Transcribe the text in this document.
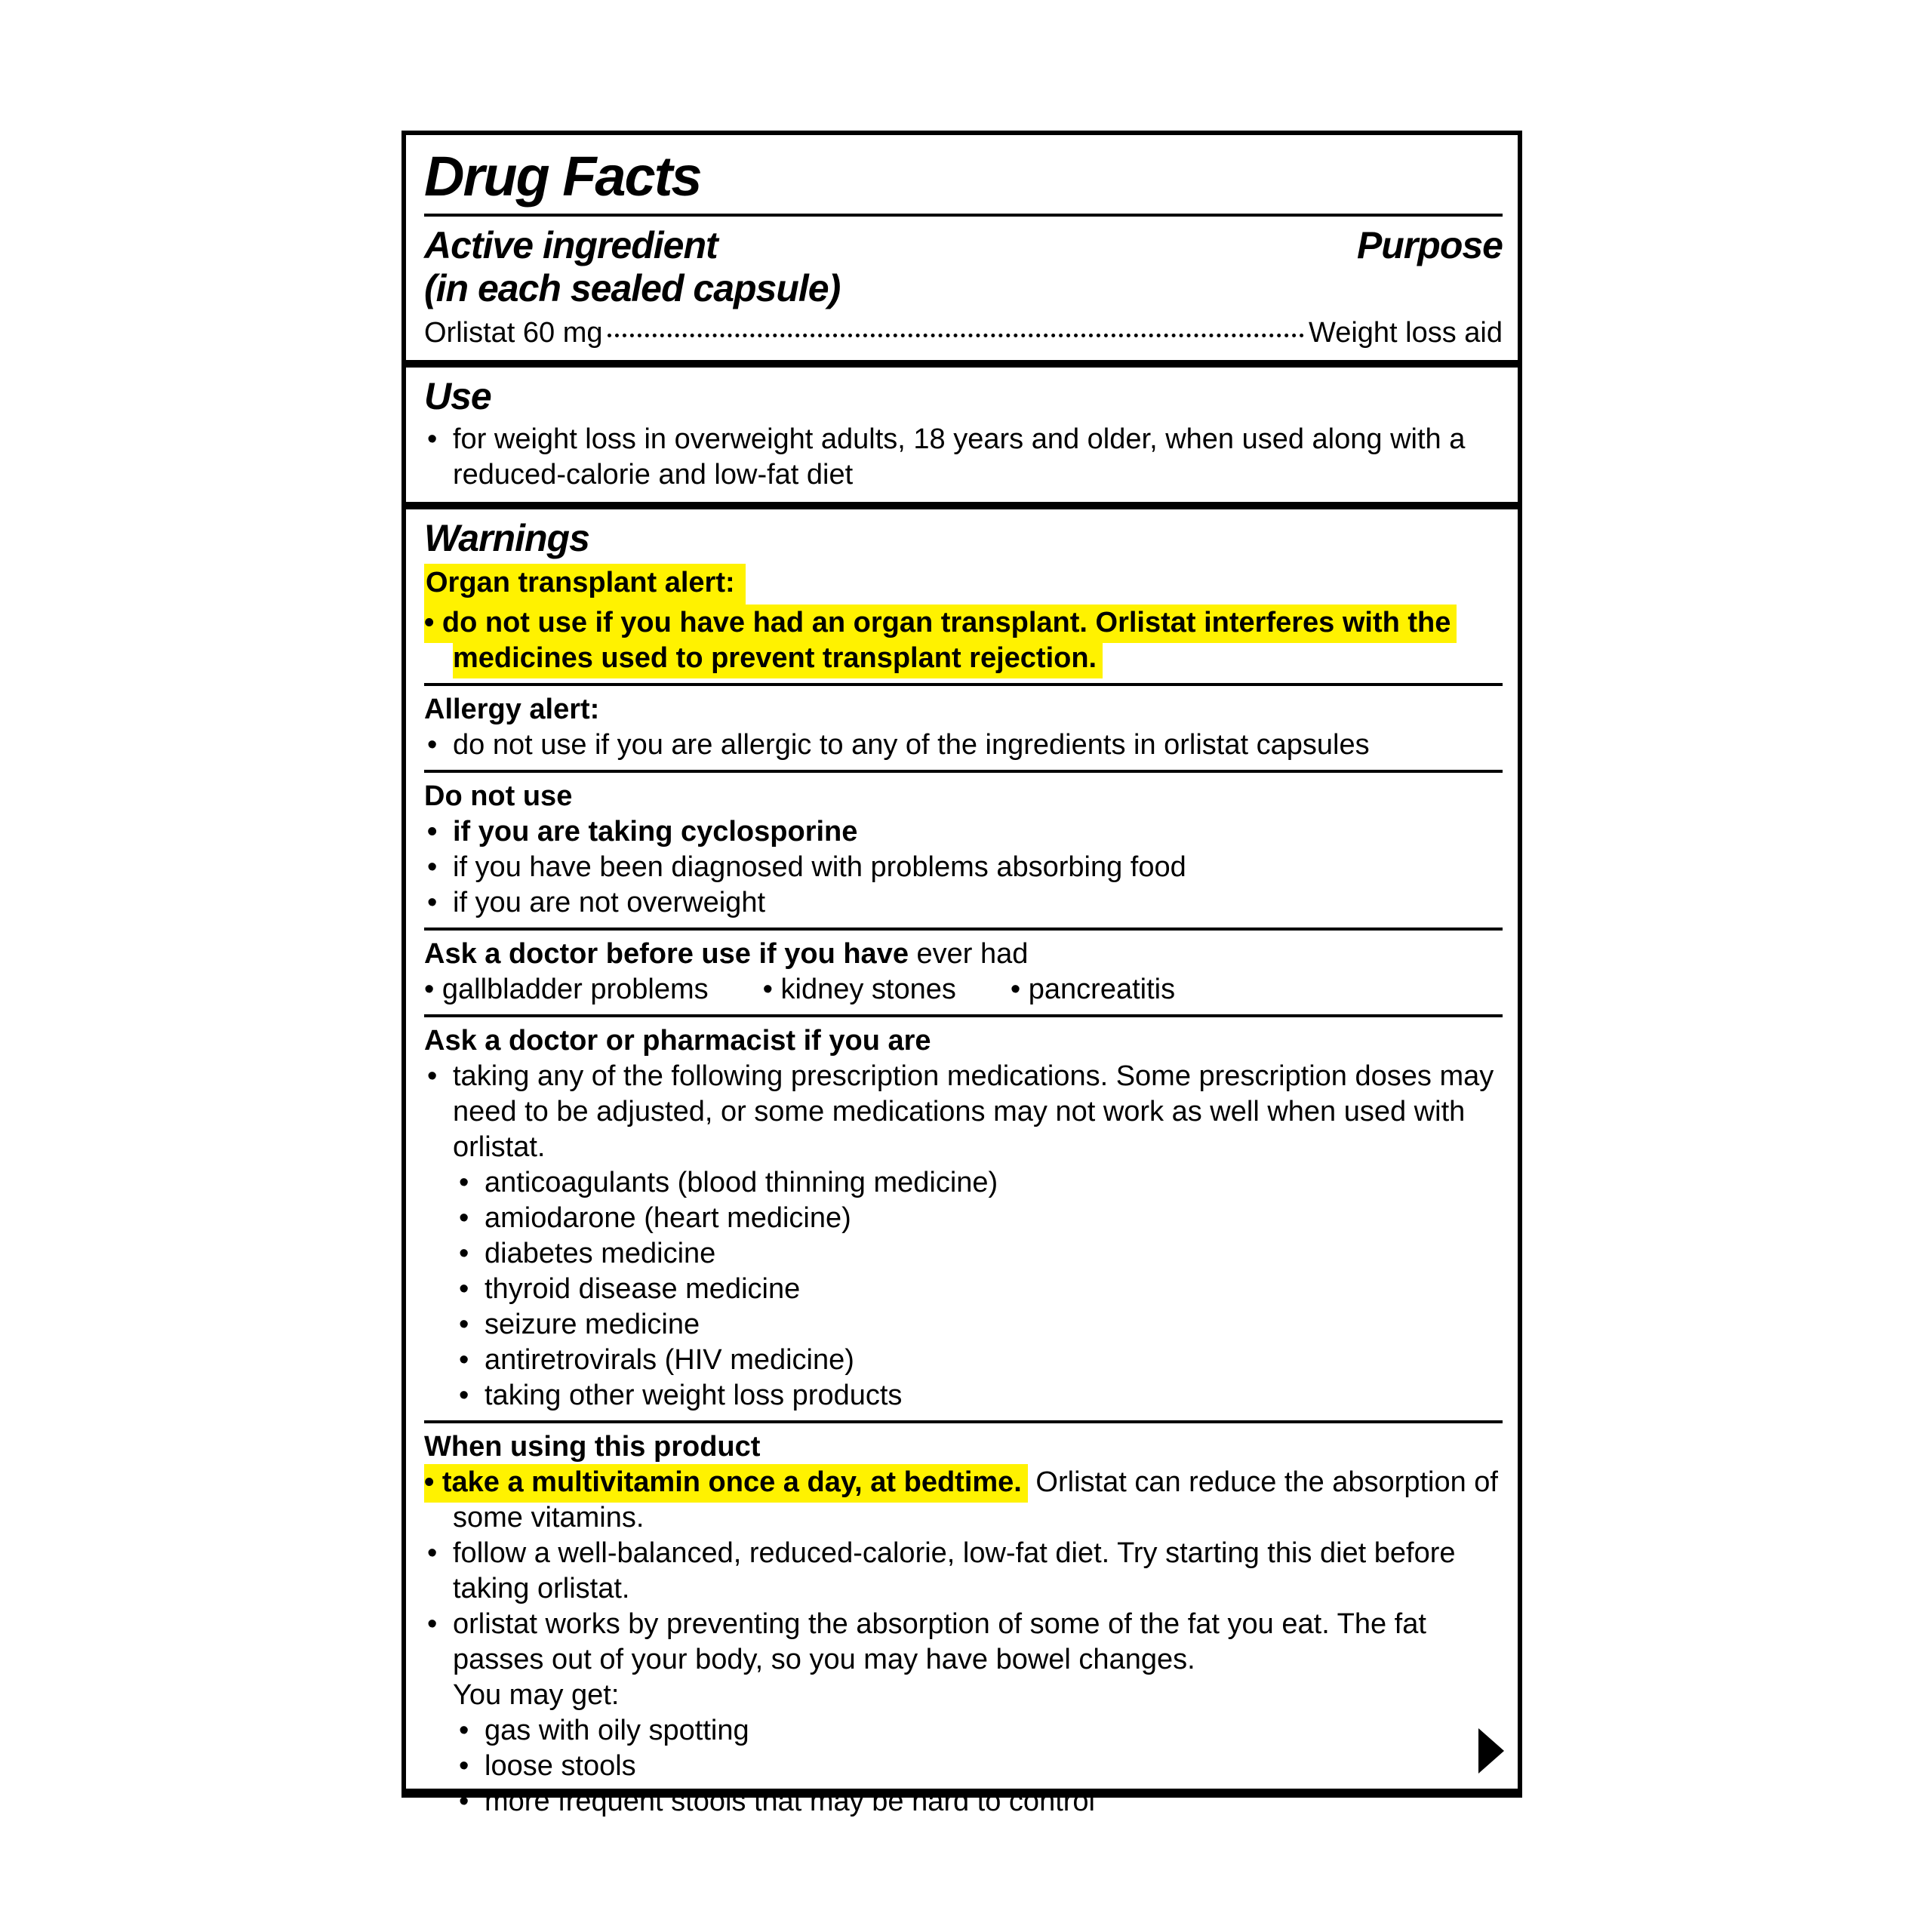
Drug Facts
Active ingredient
(in each sealed capsule)
Purpose
Orlistat 60 mg	Weight loss aid
Use
• for weight loss in overweight adults, 18 years and older, when used along with a reduced-calorie and low-fat diet
Warnings

Organ transplant alert:

• do not use if you have had an organ transplant. Orlistat interferes with the medicines used to prevent transplant rejection.

Allergy alert:

• do not use if you are allergic to any of the ingredients in orlistat capsules

Do not use

• if you are taking cyclosporine
• if you have been diagnosed with problems absorbing food
• if you are not overweight

Ask a doctor before use if you have ever had

• gallbladder problems	• kidney stones	• pancreatitis

Ask a doctor or pharmacist if you are

• taking any of the following prescription medications. Some prescription doses may need to be adjusted, or some medications may not work as well when used with orlistat.
• anticoagulants (blood thinning medicine)
• amiodarone (heart medicine)
• diabetes medicine
• thyroid disease medicine
• seizure medicine
• antiretrovirals (HIV medicine)
• taking other weight loss products

When using this product

• take a multivitamin once a day, at bedtime. Orlistat can reduce the absorption of some vitamins.
• follow a well-balanced, reduced-calorie, low-fat diet. Try starting this diet before taking orlistat.
• orlistat works by preventing the absorption of some of the fat you eat. The fat passes out of your body, so you may have bowel changes.

You may get:

• gas with oily spotting
• loose stools
• more frequent stools that may be hard to control
